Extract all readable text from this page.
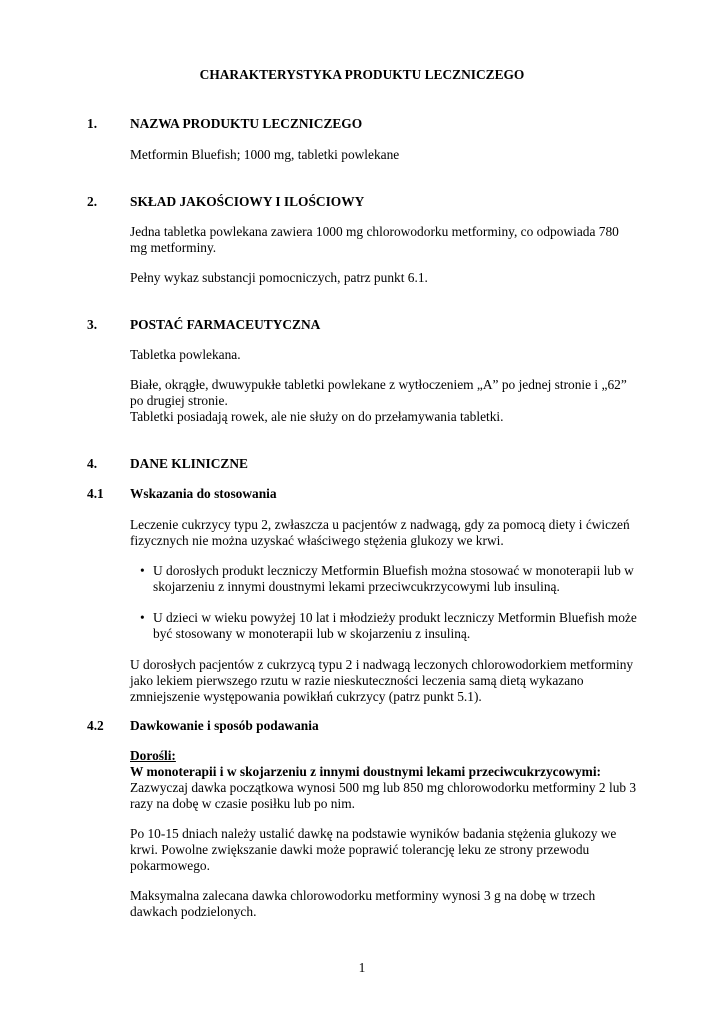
CHARAKTERYSTYKA PRODUKTU LECZNICZEGO

1. NAZWA PRODUKTU LECZNICZEGO

Metformin Bluefish; 1000 mg, tabletki powlekane

2. SKŁAD JAKOŚCIOWY I ILOŚCIOWY

Jedna tabletka powlekana zawiera 1000 mg chlorowodorku metforminy, co odpowiada 780

mg metforminy.

Pełny wykaz substancji pomocniczych, patrz punkt 6.1.

3. POSTAĆ FARMACEUTYCZNA

Tabletka powlekana.

Białe, okrągłe, dwuwypukłe tabletki powlekane z wytłoczeniem „A” po jednej stronie i „62”

po drugiej stronie.

Tabletki posiadają rowek, ale nie służy on do przełamywania tabletki.

4. DANE KLINICZNE

4.1 Wskazania do stosowania

Leczenie cukrzycy typu 2, zwłaszcza u pacjentów z nadwagą, gdy za pomocą diety i ćwiczeń

fizycznych nie można uzyskać właściwego stężenia glukozy we krwi.

• U dorosłych produkt leczniczy Metformin Bluefish można stosować w monoterapii lub w

skojarzeniu z innymi doustnymi lekami przeciwcukrzycowymi lub insuliną.

• U dzieci w wieku powyżej 10 lat i młodzieży produkt leczniczy Metformin Bluefish może

być stosowany w monoterapii lub w skojarzeniu z insuliną.

U dorosłych pacjentów z cukrzycą typu 2 i nadwagą leczonych chlorowodorkiem metforminy

jako lekiem pierwszego rzutu w razie nieskuteczności leczenia samą dietą wykazano

zmniejszenie występowania powikłań cukrzycy (patrz punkt 5.1).

4.2 Dawkowanie i sposób podawania

Dorośli:

W monoterapii i w skojarzeniu z innymi doustnymi lekami przeciwcukrzycowymi:

Zazwyczaj dawka początkowa wynosi 500 mg lub 850 mg chlorowodorku metforminy 2 lub 3

razy na dobę w czasie posiłku lub po nim.

Po 10-15 dniach należy ustalić dawkę na podstawie wyników badania stężenia glukozy we

krwi. Powolne zwiększanie dawki może poprawić tolerancję leku ze strony przewodu

pokarmowego.

Maksymalna zalecana dawka chlorowodorku metforminy wynosi 3 g na dobę w trzech

dawkach podzielonych.

1
